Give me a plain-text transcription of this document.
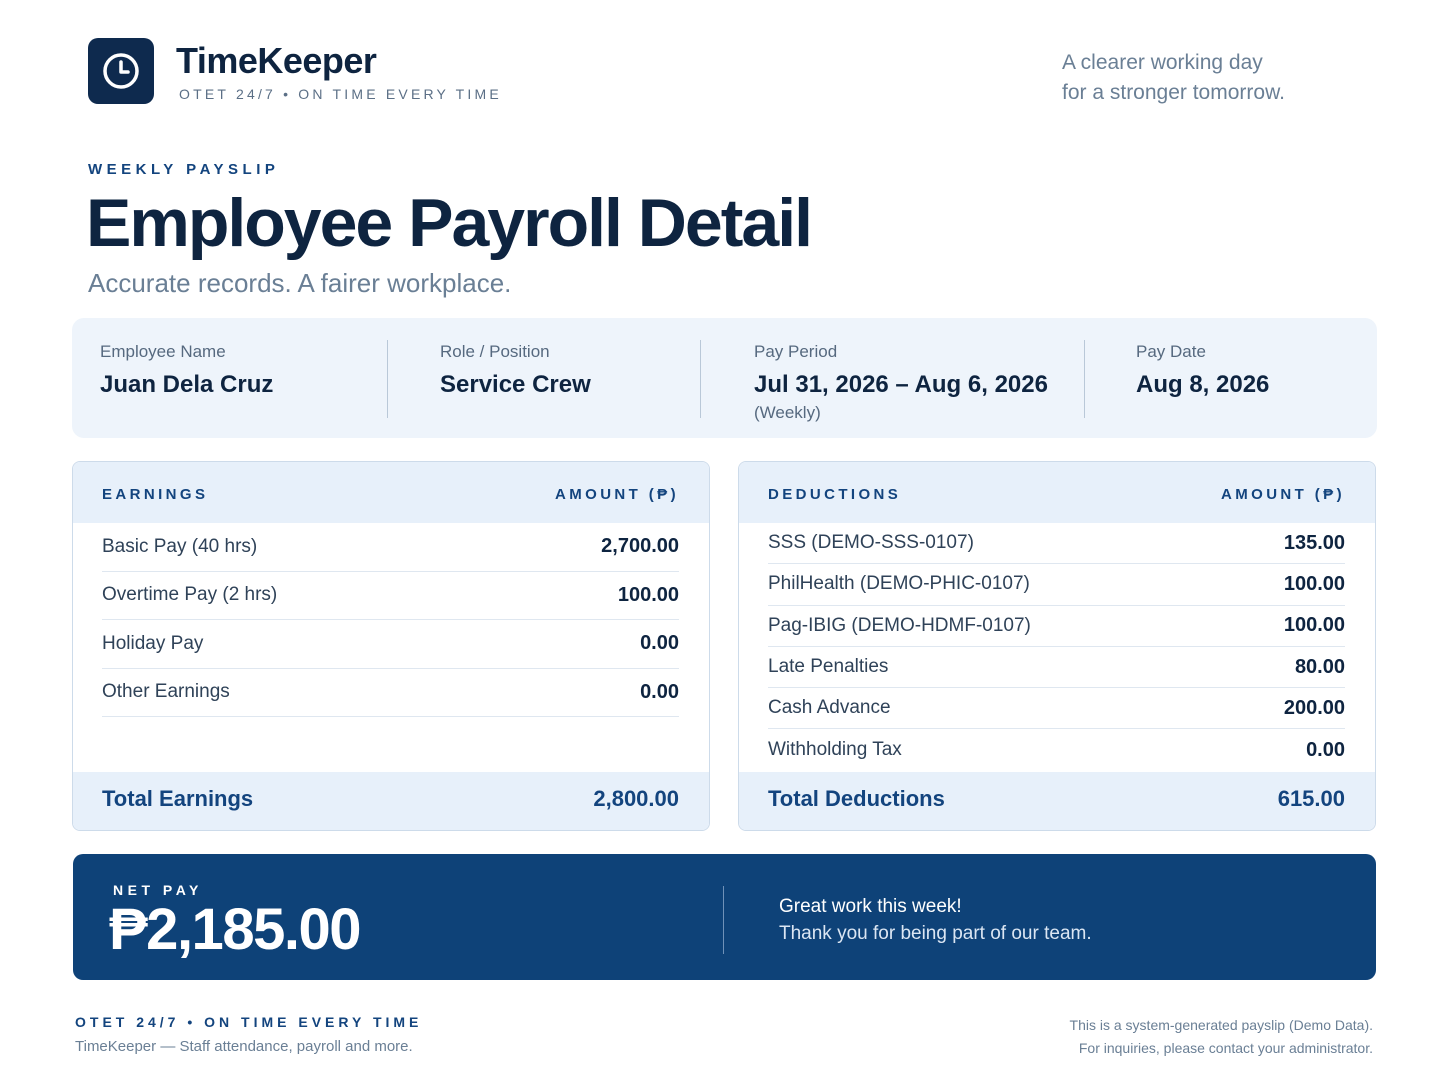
TimeKeeper
OTET 24/7 • ON TIME EVERY TIME
A clearer working day
for a stronger tomorrow.
WEEKLY PAYSLIP
Employee Payroll Detail
Accurate records. A fairer workplace.
Employee Name
Juan Dela Cruz
Role / Position
Service Crew
Pay Period
Jul 31, 2026 – Aug 6, 2026
(Weekly)
Pay Date
Aug 8, 2026
EARNINGS	AMOUNT (₱)
Basic Pay (40 hrs)	2,700.00
Overtime Pay (2 hrs)	100.00
Holiday Pay	0.00
Other Earnings	0.00
Total Earnings	2,800.00
DEDUCTIONS	AMOUNT (₱)
SSS (DEMO-SSS-0107)	135.00
PhilHealth (DEMO-PHIC-0107)	100.00
Pag-IBIG (DEMO-HDMF-0107)	100.00
Late Penalties	80.00
Cash Advance	200.00
Withholding Tax	0.00
Total Deductions	615.00
NET PAY
₱2,185.00	Great work this week!
Thank you for being part of our team.
OTET 24/7 • ON TIME EVERY TIME
TimeKeeper — Staff attendance, payroll and more.
This is a system-generated payslip (Demo Data).
For inquiries, please contact your administrator.
